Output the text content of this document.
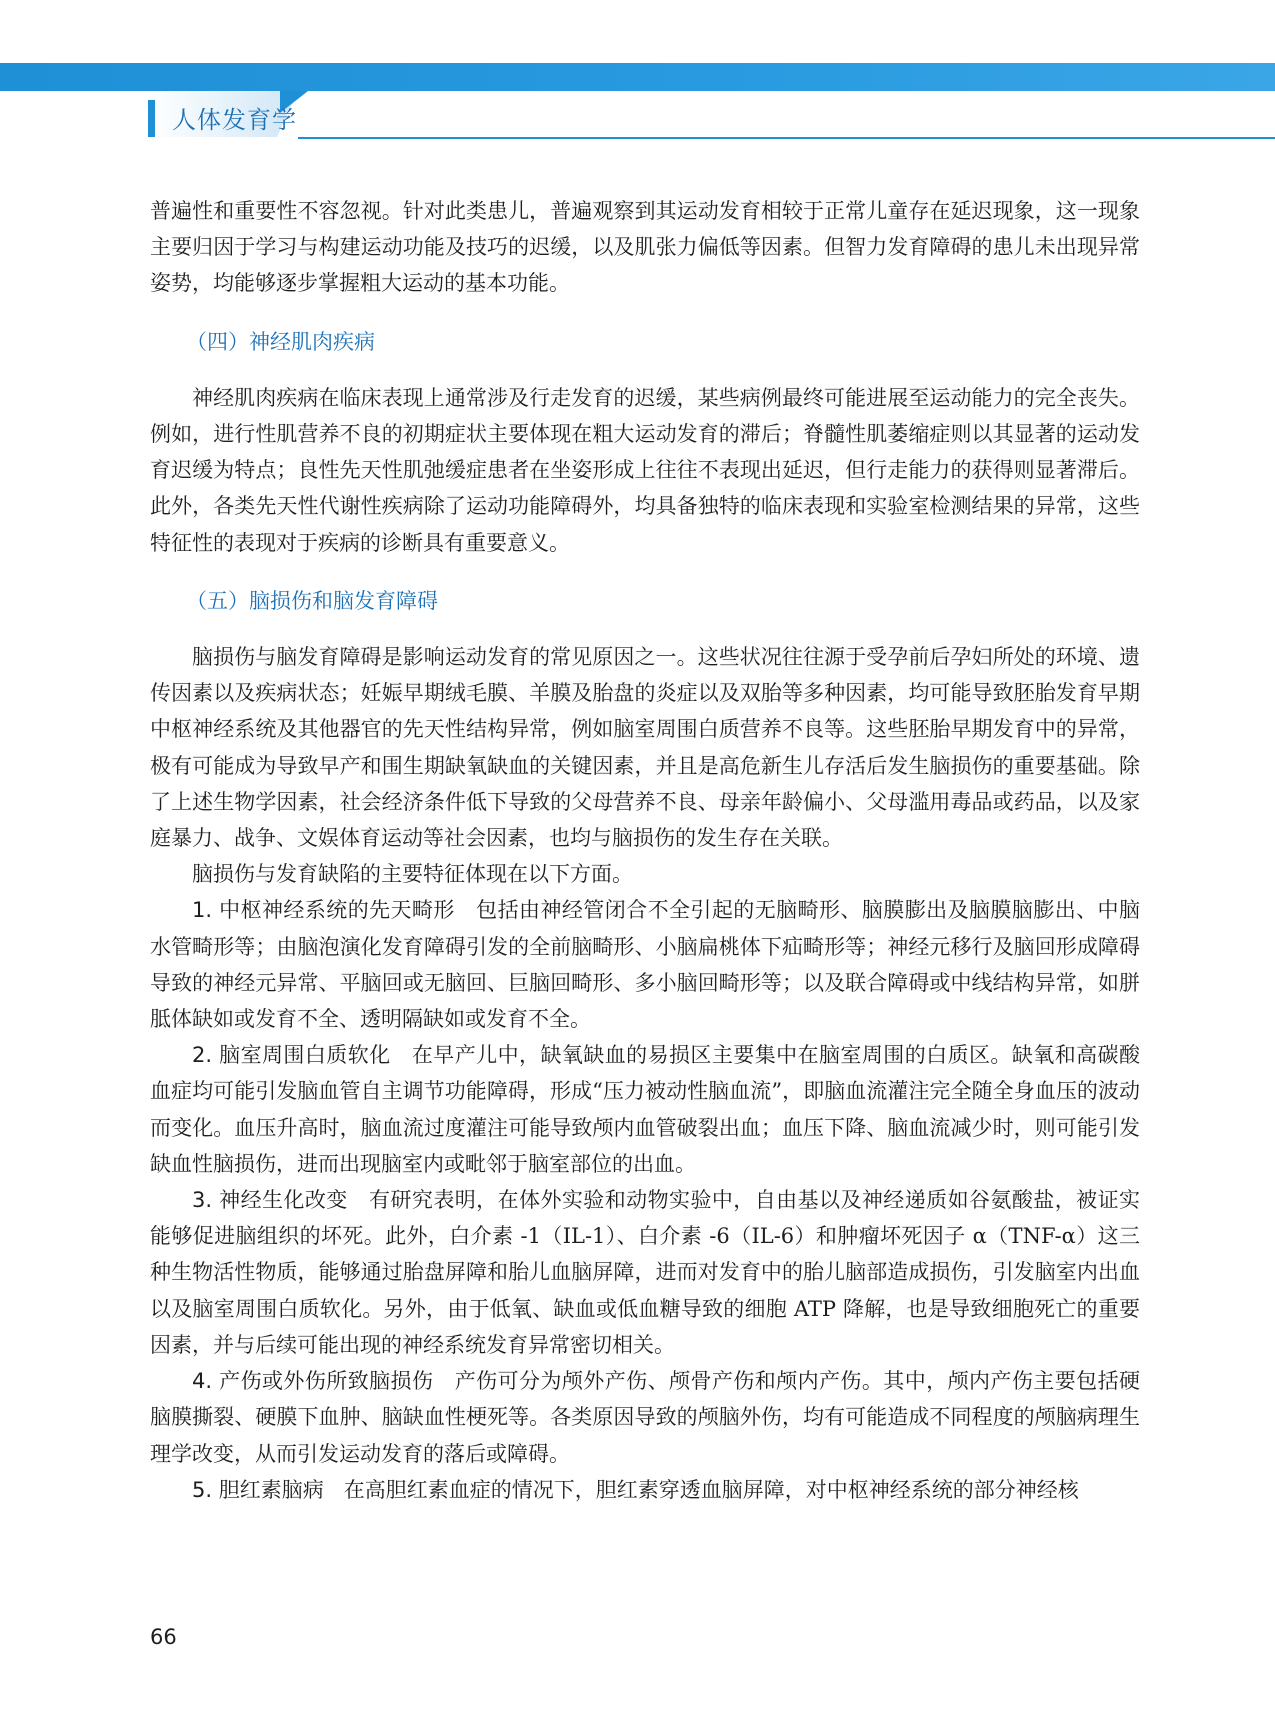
人体发育学

普遍性和重要性不容忽视。针对此类患儿，普遍观察到其运动发育相较于正常儿童存在延迟现象，这一现象主要归因于学习与构建运动功能及技巧的迟缓，以及肌张力偏低等因素。但智力发育障碍的患儿未出现异常姿势，均能够逐步掌握粗大运动的基本功能。

（四）神经肌肉疾病

神经肌肉疾病在临床表现上通常涉及行走发育的迟缓，某些病例最终可能进展至运动能力的完全丧失。例如，进行性肌营养不良的初期症状主要体现在粗大运动发育的滞后；脊髓性肌萎缩症则以其显著的运动发育迟缓为特点；良性先天性肌弛缓症患者在坐姿形成上往往不表现出延迟，但行走能力的获得则显著滞后。此外，各类先天性代谢性疾病除了运动功能障碍外，均具备独特的临床表现和实验室检测结果的异常，这些特征性的表现对于疾病的诊断具有重要意义。

（五）脑损伤和脑发育障碍

脑损伤与脑发育障碍是影响运动发育的常见原因之一。这些状况往往源于受孕前后孕妇所处的环境、遗传因素以及疾病状态；妊娠早期绒毛膜、羊膜及胎盘的炎症以及双胎等多种因素，均可能导致胚胎发育早期中枢神经系统及其他器官的先天性结构异常，例如脑室周围白质营养不良等。这些胚胎早期发育中的异常，极有可能成为导致早产和围生期缺氧缺血的关键因素，并且是高危新生儿存活后发生脑损伤的重要基础。除了上述生物学因素，社会经济条件低下导致的父母营养不良、母亲年龄偏小、父母滥用毒品或药品，以及家庭暴力、战争、文娱体育运动等社会因素，也均与脑损伤的发生存在关联。

脑损伤与发育缺陷的主要特征体现在以下方面。

1. 中枢神经系统的先天畸形 包括由神经管闭合不全引起的无脑畸形、脑膜膨出及脑膜脑膨出、中脑水管畸形等；由脑泡演化发育障碍引发的全前脑畸形、小脑扁桃体下疝畸形等；神经元移行及脑回形成障碍导致的神经元异常、平脑回或无脑回、巨脑回畸形、多小脑回畸形等；以及联合障碍或中线结构异常，如胼胝体缺如或发育不全、透明隔缺如或发育不全。

2. 脑室周围白质软化 在早产儿中，缺氧缺血的易损区主要集中在脑室周围的白质区。缺氧和高碳酸血症均可能引发脑血管自主调节功能障碍，形成“压力被动性脑血流”，即脑血流灌注完全随全身血压的波动而变化。血压升高时，脑血流过度灌注可能导致颅内血管破裂出血；血压下降、脑血流减少时，则可能引发缺血性脑损伤，进而出现脑室内或毗邻于脑室部位的出血。

3. 神经生化改变 有研究表明，在体外实验和动物实验中，自由基以及神经递质如谷氨酸盐，被证实能够促进脑组织的坏死。此外，白介素 -1（IL-1）、白介素 -6（IL-6）和肿瘤坏死因子 α（TNF-α）这三种生物活性物质，能够通过胎盘屏障和胎儿血脑屏障，进而对发育中的胎儿脑部造成损伤，引发脑室内出血以及脑室周围白质软化。另外，由于低氧、缺血或低血糖导致的细胞 ATP 降解，也是导致细胞死亡的重要因素，并与后续可能出现的神经系统发育异常密切相关。

4. 产伤或外伤所致脑损伤 产伤可分为颅外产伤、颅骨产伤和颅内产伤。其中，颅内产伤主要包括硬脑膜撕裂、硬膜下血肿、脑缺血性梗死等。各类原因导致的颅脑外伤，均有可能造成不同程度的颅脑病理生理学改变，从而引发运动发育的落后或障碍。

5. 胆红素脑病 在高胆红素血症的情况下，胆红素穿透血脑屏障，对中枢神经系统的部分神经核

66
